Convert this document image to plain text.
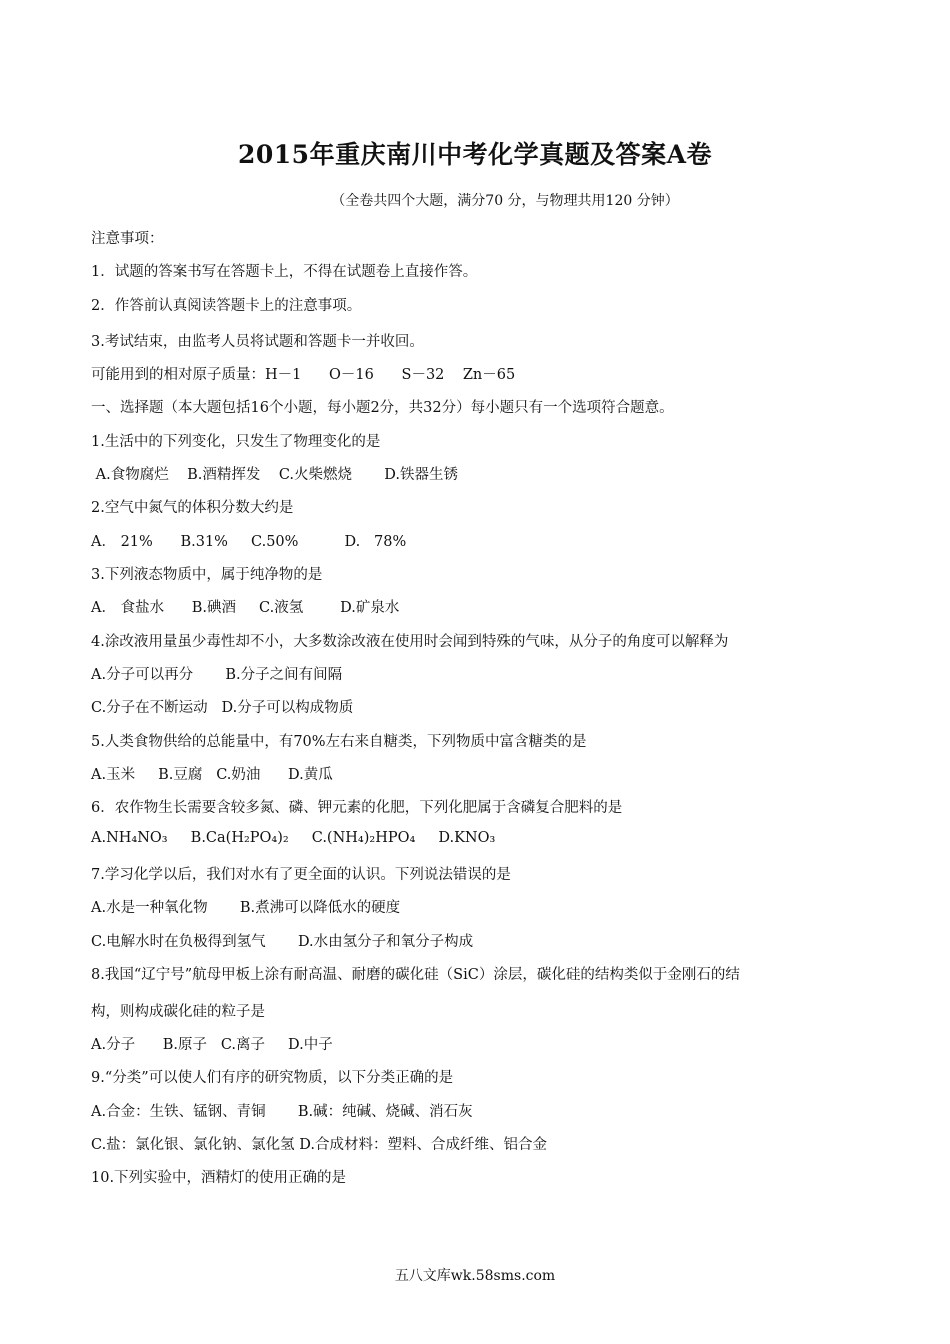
2015年重庆南川中考化学真题及答案A卷
（全卷共四个大题，满分70 分，与物理共用120 分钟）
注意事项：
1．试题的答案书写在答题卡上，不得在试题卷上直接作答。
2．作答前认真阅读答题卡上的注意事项。
3.考试结束，由监考人员将试题和答题卡一并收回。
可能用到的相对原子质量：H－1      O－16      S－32    Zn－65
一、选择题（本大题包括16个小题，每小题2分，共32分）每小题只有一个选项符合题意。
1.生活中的下列变化，只发生了物理变化的是
A.食物腐烂    B.酒精挥发    C.火柴燃烧       D.铁器生锈
2.空气中氮气的体积分数大约是
A． 21%      B.31%     C.50%          D.   78%
3.下列液态物质中，属于纯净物的是
A． 食盐水      B.碘酒     C.液氢        D.矿泉水
4.涂改液用量虽少毒性却不小，大多数涂改液在使用时会闻到特殊的气味，从分子的角度可以解释为
A.分子可以再分       B.分子之间有间隔
C.分子在不断运动   D.分子可以构成物质
5.人类食物供给的总能量中，有70%左右来自糖类，下列物质中富含糖类的是
A.玉米     B.豆腐   C.奶油      D.黄瓜
6．农作物生长需要含较多氮、磷、钾元素的化肥，下列化肥属于含磷复合肥料的是
A.NH₄NO₃     B.Ca(H₂PO₄)₂     C.(NH₄)₂HPO₄     D.KNO₃
7.学习化学以后，我们对水有了更全面的认识。下列说法错误的是
A.水是一种氧化物       B.煮沸可以降低水的硬度
C.电解水时在负极得到氢气       D.水由氢分子和氧分子构成
8.我国“辽宁号”航母甲板上涂有耐高温、耐磨的碳化硅（SiC）涂层，碳化硅的结构类似于金刚石的结
构，则构成碳化硅的粒子是
A.分子      B.原子   C.离子     D.中子
9.“分类”可以使人们有序的研究物质，以下分类正确的是
A.合金：生铁、锰钢、青铜       B.碱：纯碱、烧碱、消石灰
C.盐：氯化银、氯化钠、氯化氢 D.合成材料：塑料、合成纤维、铝合金
10.下列实验中，酒精灯的使用正确的是
五八文库wk.58sms.com
